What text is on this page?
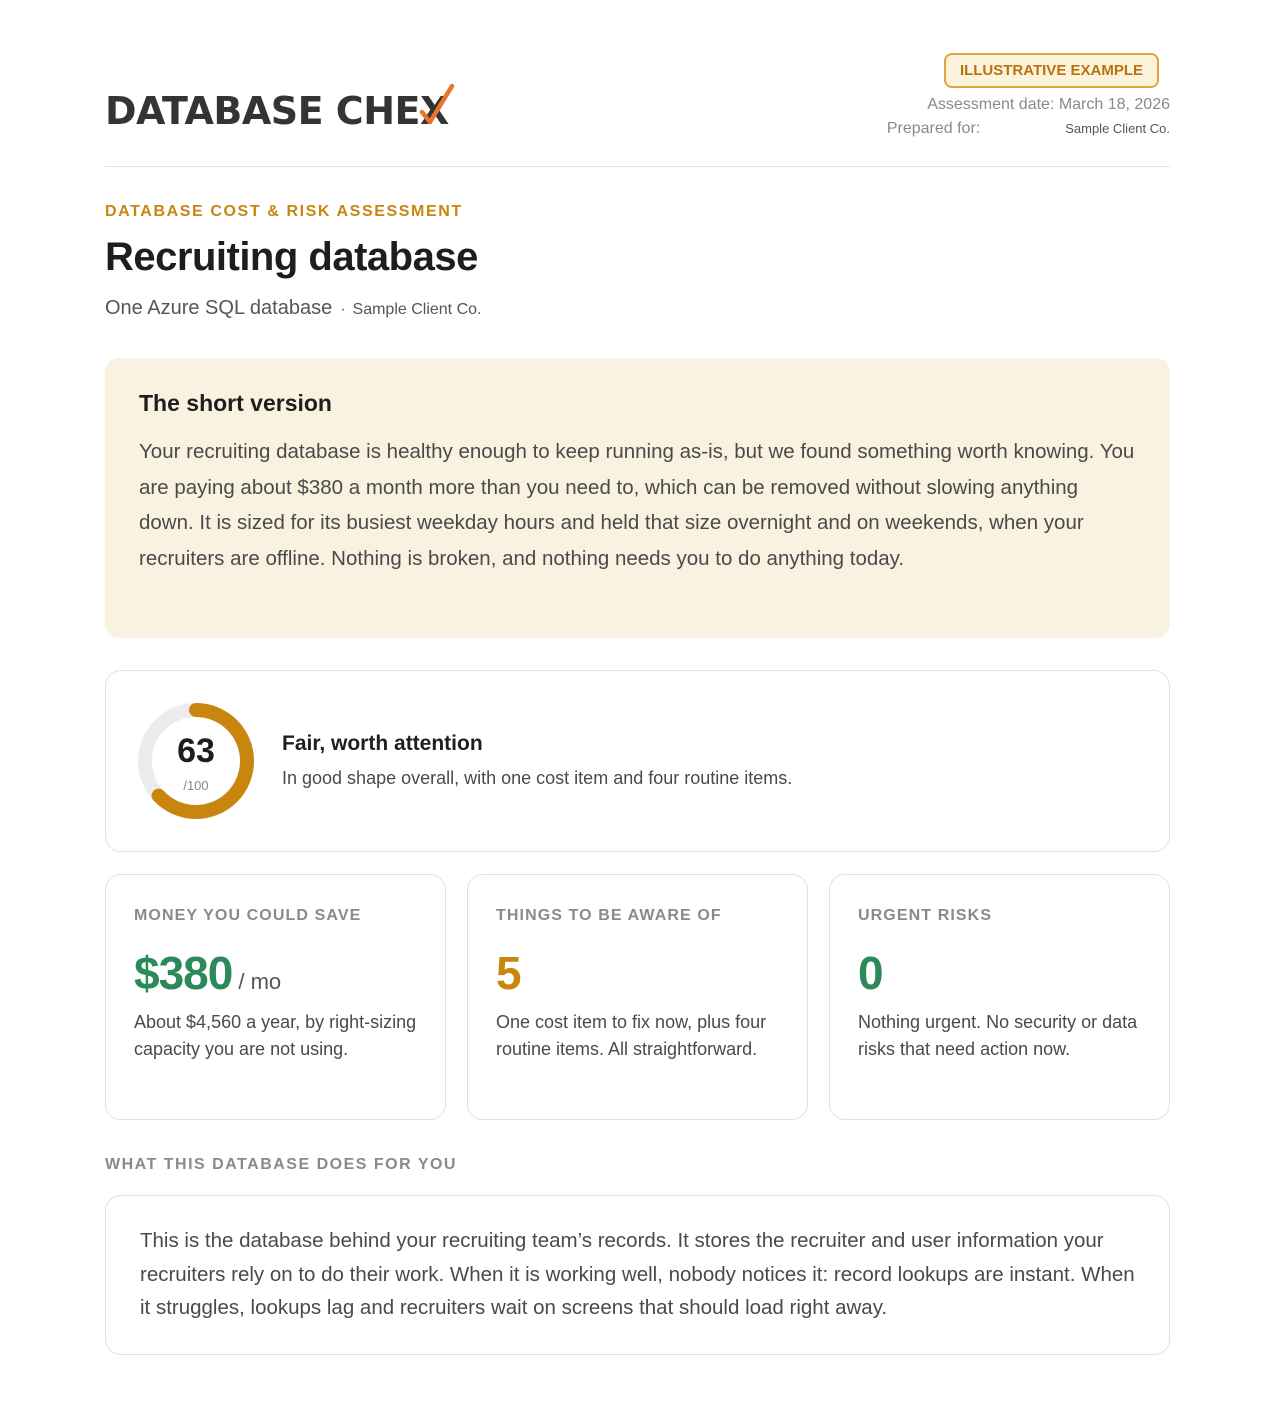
DATABASE CHEX
ILLUSTRATIVE EXAMPLE
Assessment date: March 18, 2026
Prepared for:	Sample Client Co.
DATABASE COST & RISK ASSESSMENT
Recruiting database
One Azure SQL database · Sample Client Co.
The short version

Your recruiting database is healthy enough to keep running as-is, but we found something worth knowing. You are paying about $380 a month more than you need to, which can be removed without slowing anything down. It is sized for its busiest weekday hours and held that size overnight and on weekends, when your recruiters are offline. Nothing is broken, and nothing needs you to do anything today.

63
/100
Fair, worth attention
In good shape overall, with one cost item and four routine items.
MONEY YOU COULD SAVE
$380 / mo
About $4,560 a year, by right-sizing capacity you are not using.
THINGS TO BE AWARE OF
5
One cost item to fix now, plus four routine items. All straightforward.
URGENT RISKS
0
Nothing urgent. No security or data risks that need action now.
WHAT THIS DATABASE DOES FOR YOU

This is the database behind your recruiting team’s records. It stores the recruiter and user information your recruiters rely on to do their work. When it is working well, nobody notices it: record lookups are instant. When it struggles, lookups lag and recruiters wait on screens that should load right away.
